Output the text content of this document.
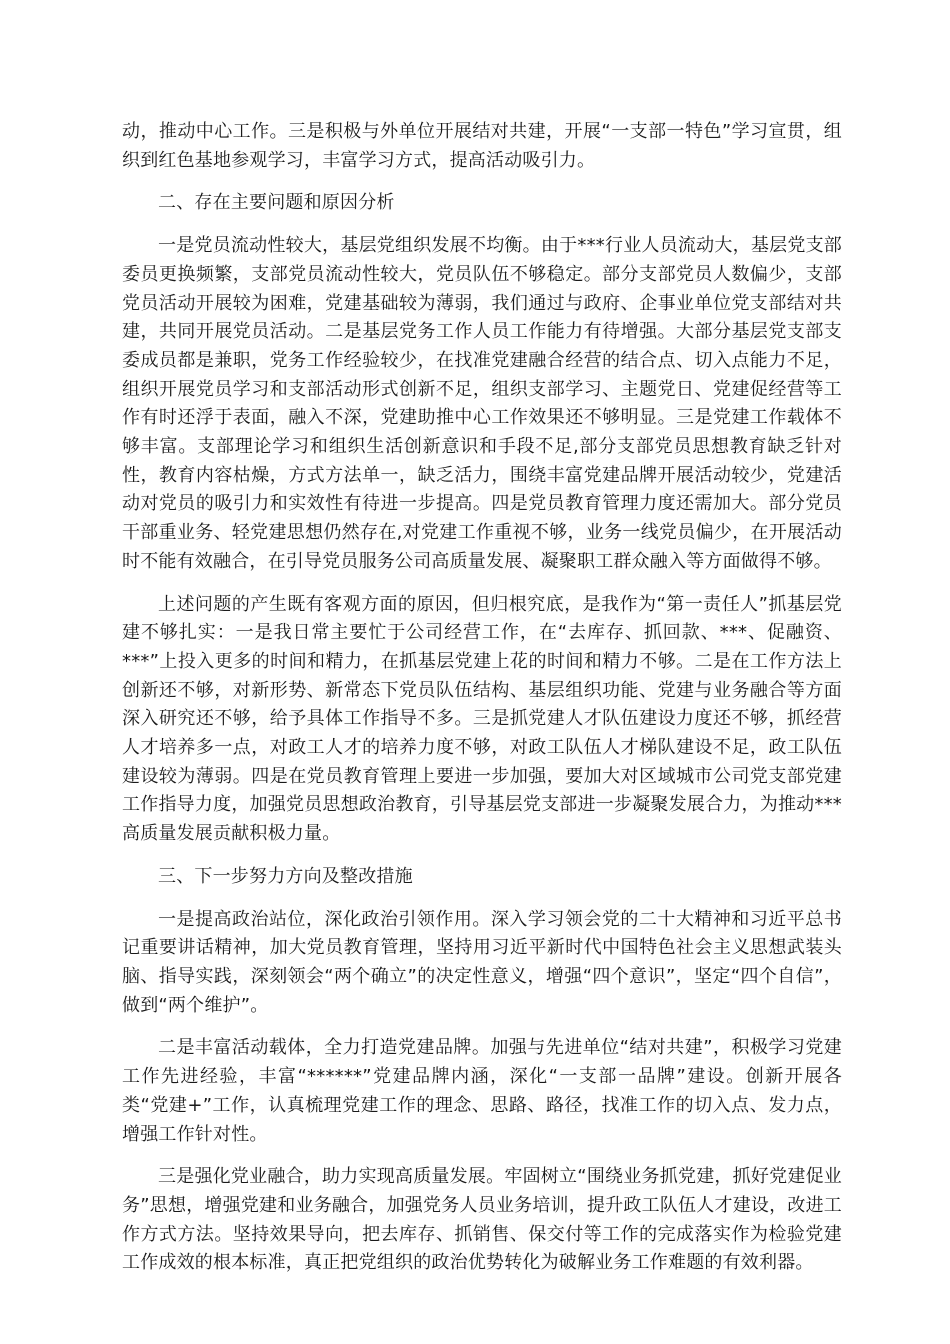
动，推动中心工作。三是积极与外单位开展结对共建，开展“一支部一特色”学习宣贯，组织到红色基地参观学习，丰富学习方式，提高活动吸引力。

二、存在主要问题和原因分析

一是党员流动性较大，基层党组织发展不均衡。由于***行业人员流动大，基层党支部委员更换频繁，支部党员流动性较大，党员队伍不够稳定。部分支部党员人数偏少，支部党员活动开展较为困难，党建基础较为薄弱，我们通过与政府、企事业单位党支部结对共建，共同开展党员活动。二是基层党务工作人员工作能力有待增强。大部分基层党支部支委成员都是兼职，党务工作经验较少，在找准党建融合经营的结合点、切入点能力不足，组织开展党员学习和支部活动形式创新不足，组织支部学习、主题党日、党建促经营等工作有时还浮于表面，融入不深，党建助推中心工作效果还不够明显。三是党建工作载体不够丰富。支部理论学习和组织生活创新意识和手段不足,部分支部党员思想教育缺乏针对性，教育内容枯燥，方式方法单一，缺乏活力，围绕丰富党建品牌开展活动较少，党建活动对党员的吸引力和实效性有待进一步提高。四是党员教育管理力度还需加大。部分党员干部重业务、轻党建思想仍然存在,对党建工作重视不够，业务一线党员偏少，在开展活动时不能有效融合，在引导党员服务公司高质量发展、凝聚职工群众融入等方面做得不够。

上述问题的产生既有客观方面的原因，但归根究底，是我作为“第一责任人”抓基层党建不够扎实：一是我日常主要忙于公司经营工作，在“去库存、抓回款、***、促融资、***”上投入更多的时间和精力，在抓基层党建上花的时间和精力不够。二是在工作方法上创新还不够，对新形势、新常态下党员队伍结构、基层组织功能、党建与业务融合等方面深入研究还不够，给予具体工作指导不多。三是抓党建人才队伍建设力度还不够，抓经营人才培养多一点，对政工人才的培养力度不够，对政工队伍人才梯队建设不足，政工队伍建设较为薄弱。四是在党员教育管理上要进一步加强，要加大对区域城市公司党支部党建工作指导力度，加强党员思想政治教育，引导基层党支部进一步凝聚发展合力，为推动***高质量发展贡献积极力量。

三、下一步努力方向及整改措施

一是提高政治站位，深化政治引领作用。深入学习领会党的二十大精神和习近平总书记重要讲话精神，加大党员教育管理，坚持用习近平新时代中国特色社会主义思想武装头脑、指导实践，深刻领会“两个确立”的决定性意义，增强“四个意识”，坚定“四个自信”，做到“两个维护”。

二是丰富活动载体，全力打造党建品牌。加强与先进单位“结对共建”，积极学习党建工作先进经验，丰富“******”党建品牌内涵，深化“一支部一品牌”建设。创新开展各类“党建+”工作，认真梳理党建工作的理念、思路、路径，找准工作的切入点、发力点，增强工作针对性。

三是强化党业融合，助力实现高质量发展。牢固树立“围绕业务抓党建，抓好党建促业务”思想，增强党建和业务融合，加强党务人员业务培训，提升政工队伍人才建设，改进工作方式方法。坚持效果导向，把去库存、抓销售、保交付等工作的完成落实作为检验党建工作成效的根本标准，真正把党组织的政治优势转化为破解业务工作难题的有效利器。
